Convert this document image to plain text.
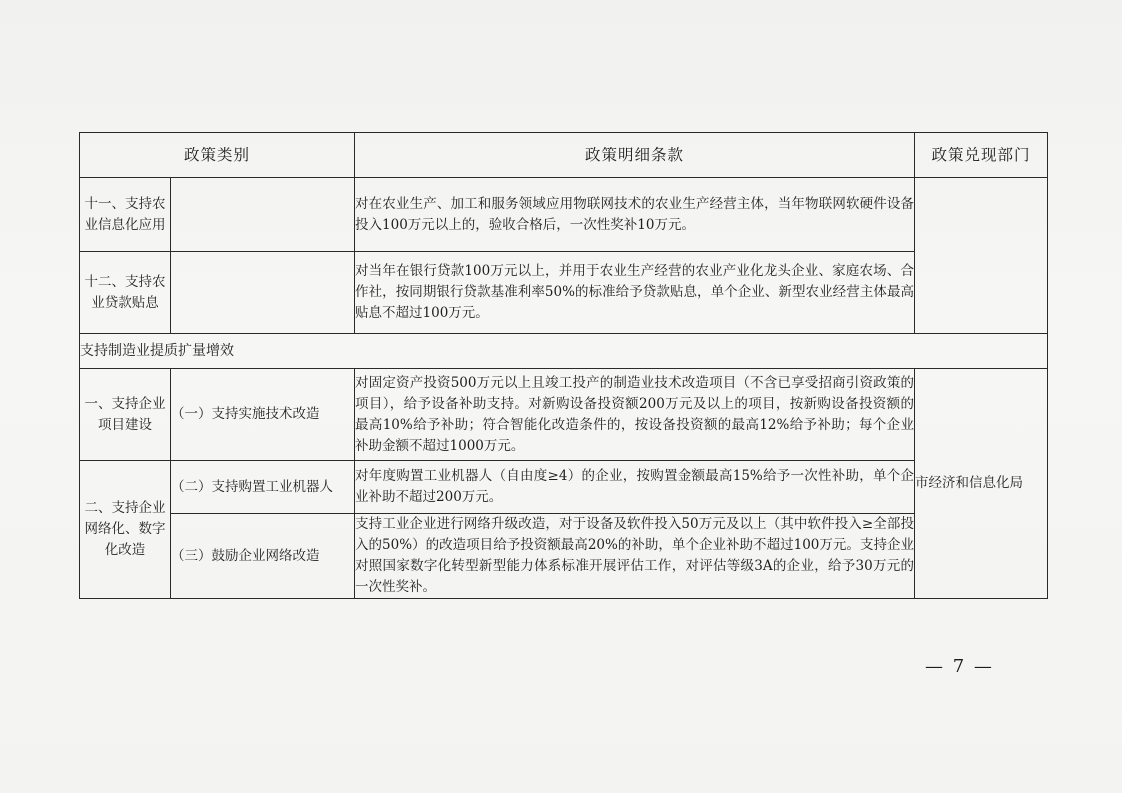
政策类别		政策明细条款	政策兑现部门
十一、支持农业信息化应用		对在农业生产、加工和服务领域应用物联网技术的农业生产经营主体，当年物联网软硬件设备投入100万元以上的，验收合格后，一次性奖补10万元。	
十二、支持农业贷款贴息		对当年在银行贷款100万元以上，并用于农业生产经营的农业产业化龙头企业、家庭农场、合作社，按同期银行贷款基准利率50%的标准给予贷款贴息，单个企业、新型农业经营主体最高贴息不超过100万元。	
支持制造业提质扩量增效			
一、支持企业项目建设	（一）支持实施技术改造	对固定资产投资500万元以上且竣工投产的制造业技术改造项目（不含已享受招商引资政策的项目），给予设备补助支持。对新购设备投资额200万元及以上的项目，按新购设备投资额的最高10%给予补助；符合智能化改造条件的，按设备投资额的最高12%给予补助；每个企业补助金额不超过1000万元。	市经济和信息化局
二、支持企业网络化、数字化改造	（二）支持购置工业机器人	对年度购置工业机器人（自由度≥4）的企业，按购置金额最高15%给予一次性补助，单个企业补助不超过200万元。	
	（三）鼓励企业网络改造	支持工业企业进行网络升级改造，对于设备及软件投入50万元及以上（其中软件投入≥全部投入的50%）的改造项目给予投资额最高20%的补助，单个企业补助不超过100万元。支持企业对照国家数字化转型新型能力体系标准开展评估工作，对评估等级3A的企业，给予30万元的一次性奖补。	
— 7 —
